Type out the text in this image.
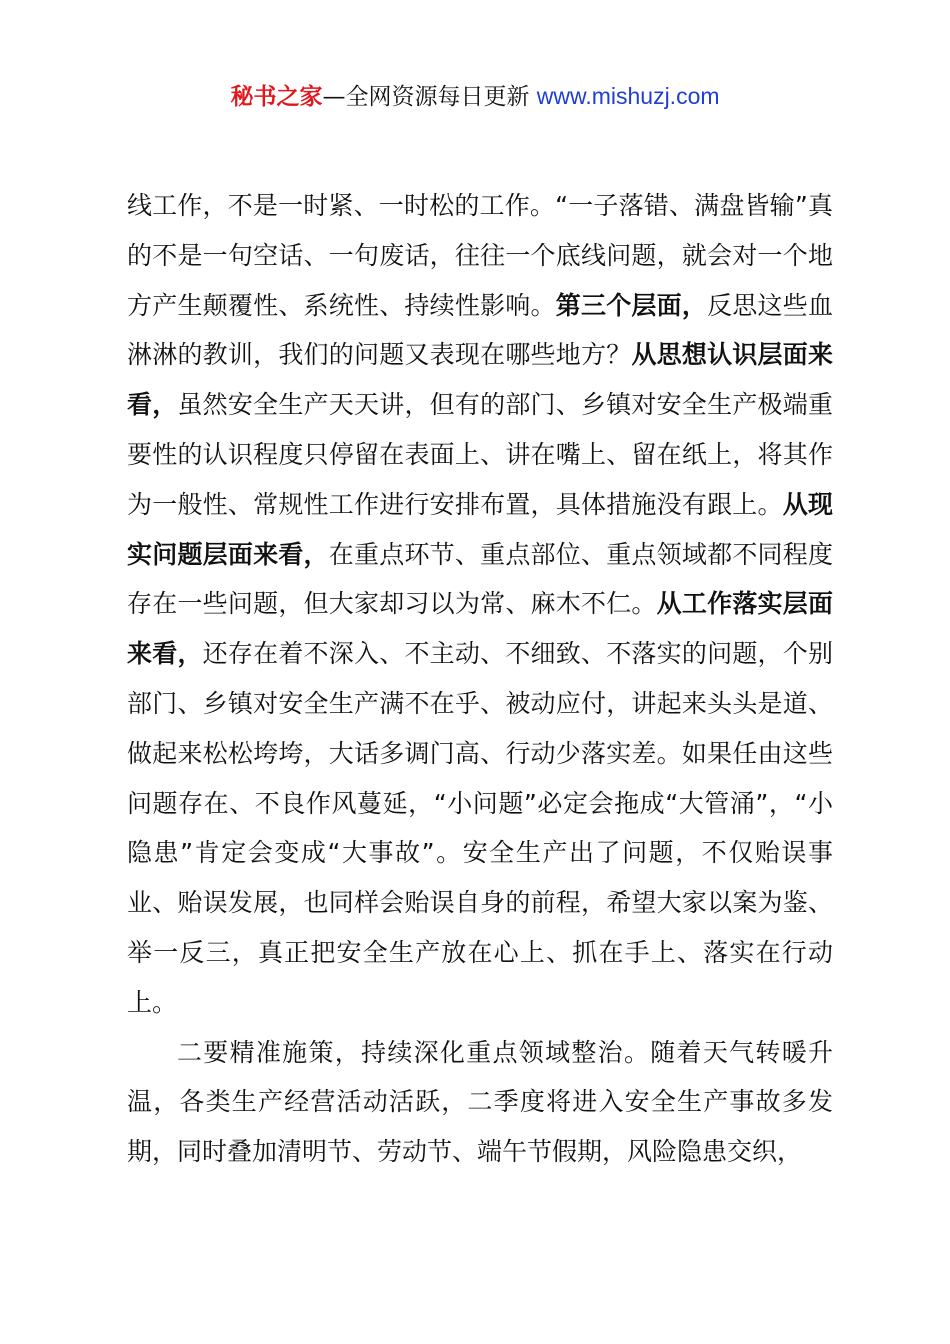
秘书之家—全网资源每日更新 www.mishuzj.com

线工作，不是一时紧、一时松的工作。“一子落错、满盘皆输”真的不是一句空话、一句废话，往往一个底线问题，就会对一个地方产生颠覆性、系统性、持续性影响。第三个层面，反思这些血淋淋的教训，我们的问题又表现在哪些地方？从思想认识层面来看，虽然安全生产天天讲，但有的部门、乡镇对安全生产极端重要性的认识程度只停留在表面上、讲在嘴上、留在纸上，将其作为一般性、常规性工作进行安排布置，具体措施没有跟上。从现实问题层面来看，在重点环节、重点部位、重点领域都不同程度存在一些问题，但大家却习以为常、麻木不仁。从工作落实层面来看，还存在着不深入、不主动、不细致、不落实的问题，个别部门、乡镇对安全生产满不在乎、被动应付，讲起来头头是道、做起来松松垮垮，大话多调门高、行动少落实差。如果任由这些问题存在、不良作风蔓延，“小问题”必定会拖成“大管涌”，“小隐患”肯定会变成“大事故”。安全生产出了问题，不仅贻误事业、贻误发展，也同样会贻误自身的前程，希望大家以案为鉴、举一反三，真正把安全生产放在心上、抓在手上、落实在行动上。

二要精准施策，持续深化重点领域整治。随着天气转暖升温，各类生产经营活动活跃，二季度将进入安全生产事故多发期，同时叠加清明节、劳动节、端午节假期，风险隐患交织，
